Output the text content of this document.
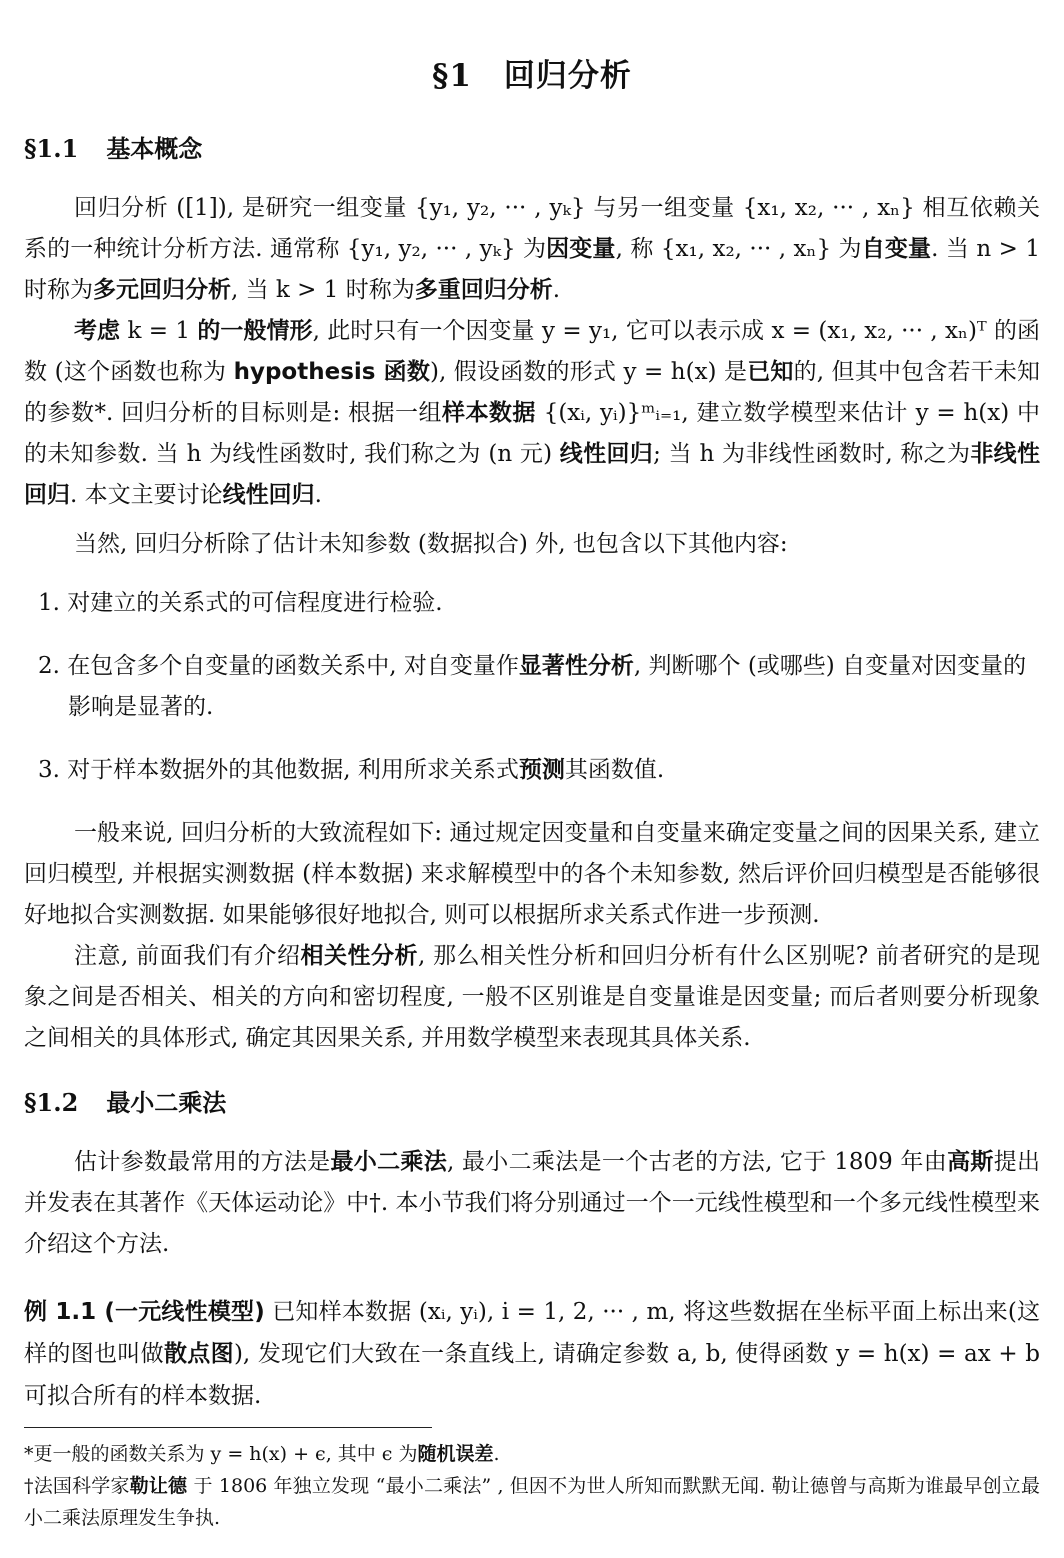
§1 回归分析
§1.1 基本概念

回归分析 ([1]), 是研究一组变量 {y₁, y₂, ··· , yₖ} 与另一组变量 {x₁, x₂, ··· , xₙ} 相互依赖关系的一种统计分析方法. 通常称 {y₁, y₂, ··· , yₖ} 为因变量, 称 {x₁, x₂, ··· , xₙ} 为自变量. 当 n > 1 时称为多元回归分析, 当 k > 1 时称为多重回归分析.

考虑 k = 1 的一般情形, 此时只有一个因变量 y = y₁, 它可以表示成 x = (x₁, x₂, ··· , xₙ)ᵀ 的函数 (这个函数也称为 hypothesis 函数), 假设函数的形式 y = h(x) 是已知的, 但其中包含若干未知的参数*. 回归分析的目标则是: 根据一组样本数据 {(xᵢ, yᵢ)}ᵐᵢ₌₁, 建立数学模型来估计 y = h(x) 中的未知参数. 当 h 为线性函数时, 我们称之为 (n 元) 线性回归; 当 h 为非线性函数时, 称之为非线性回归. 本文主要讨论线性回归.

当然, 回归分析除了估计未知参数 (数据拟合) 外, 也包含以下其他内容:

1. 对建立的关系式的可信程度进行检验.
2. 在包含多个自变量的函数关系中, 对自变量作显著性分析, 判断哪个 (或哪些) 自变量对因变量的影响是显著的.
3. 对于样本数据外的其他数据, 利用所求关系式预测其函数值.

一般来说, 回归分析的大致流程如下: 通过规定因变量和自变量来确定变量之间的因果关系, 建立回归模型, 并根据实测数据 (样本数据) 来求解模型中的各个未知参数, 然后评价回归模型是否能够很好地拟合实测数据. 如果能够很好地拟合, 则可以根据所求关系式作进一步预测.

注意, 前面我们有介绍相关性分析, 那么相关性分析和回归分析有什么区别呢? 前者研究的是现象之间是否相关、相关的方向和密切程度, 一般不区别谁是自变量谁是因变量; 而后者则要分析现象之间相关的具体形式, 确定其因果关系, 并用数学模型来表现其具体关系.

§1.2 最小二乘法

估计参数最常用的方法是最小二乘法, 最小二乘法是一个古老的方法, 它于 1809 年由高斯提出并发表在其著作《天体运动论》中†. 本小节我们将分别通过一个一元线性模型和一个多元线性模型来介绍这个方法.

例 1.1 (一元线性模型) 已知样本数据 (xᵢ, yᵢ), i = 1, 2, ··· , m, 将这些数据在坐标平面上标出来(这样的图也叫做散点图), 发现它们大致在一条直线上, 请确定参数 a, b, 使得函数 y = h(x) = ax + b 可拟合所有的样本数据.

*更一般的函数关系为 y = h(x) + ϵ, 其中 ϵ 为随机误差.

†法国科学家勒让德 于 1806 年独立发现 “最小二乘法” , 但因不为世人所知而默默无闻. 勒让德曾与高斯为谁最早创立最小二乘法原理发生争执.
